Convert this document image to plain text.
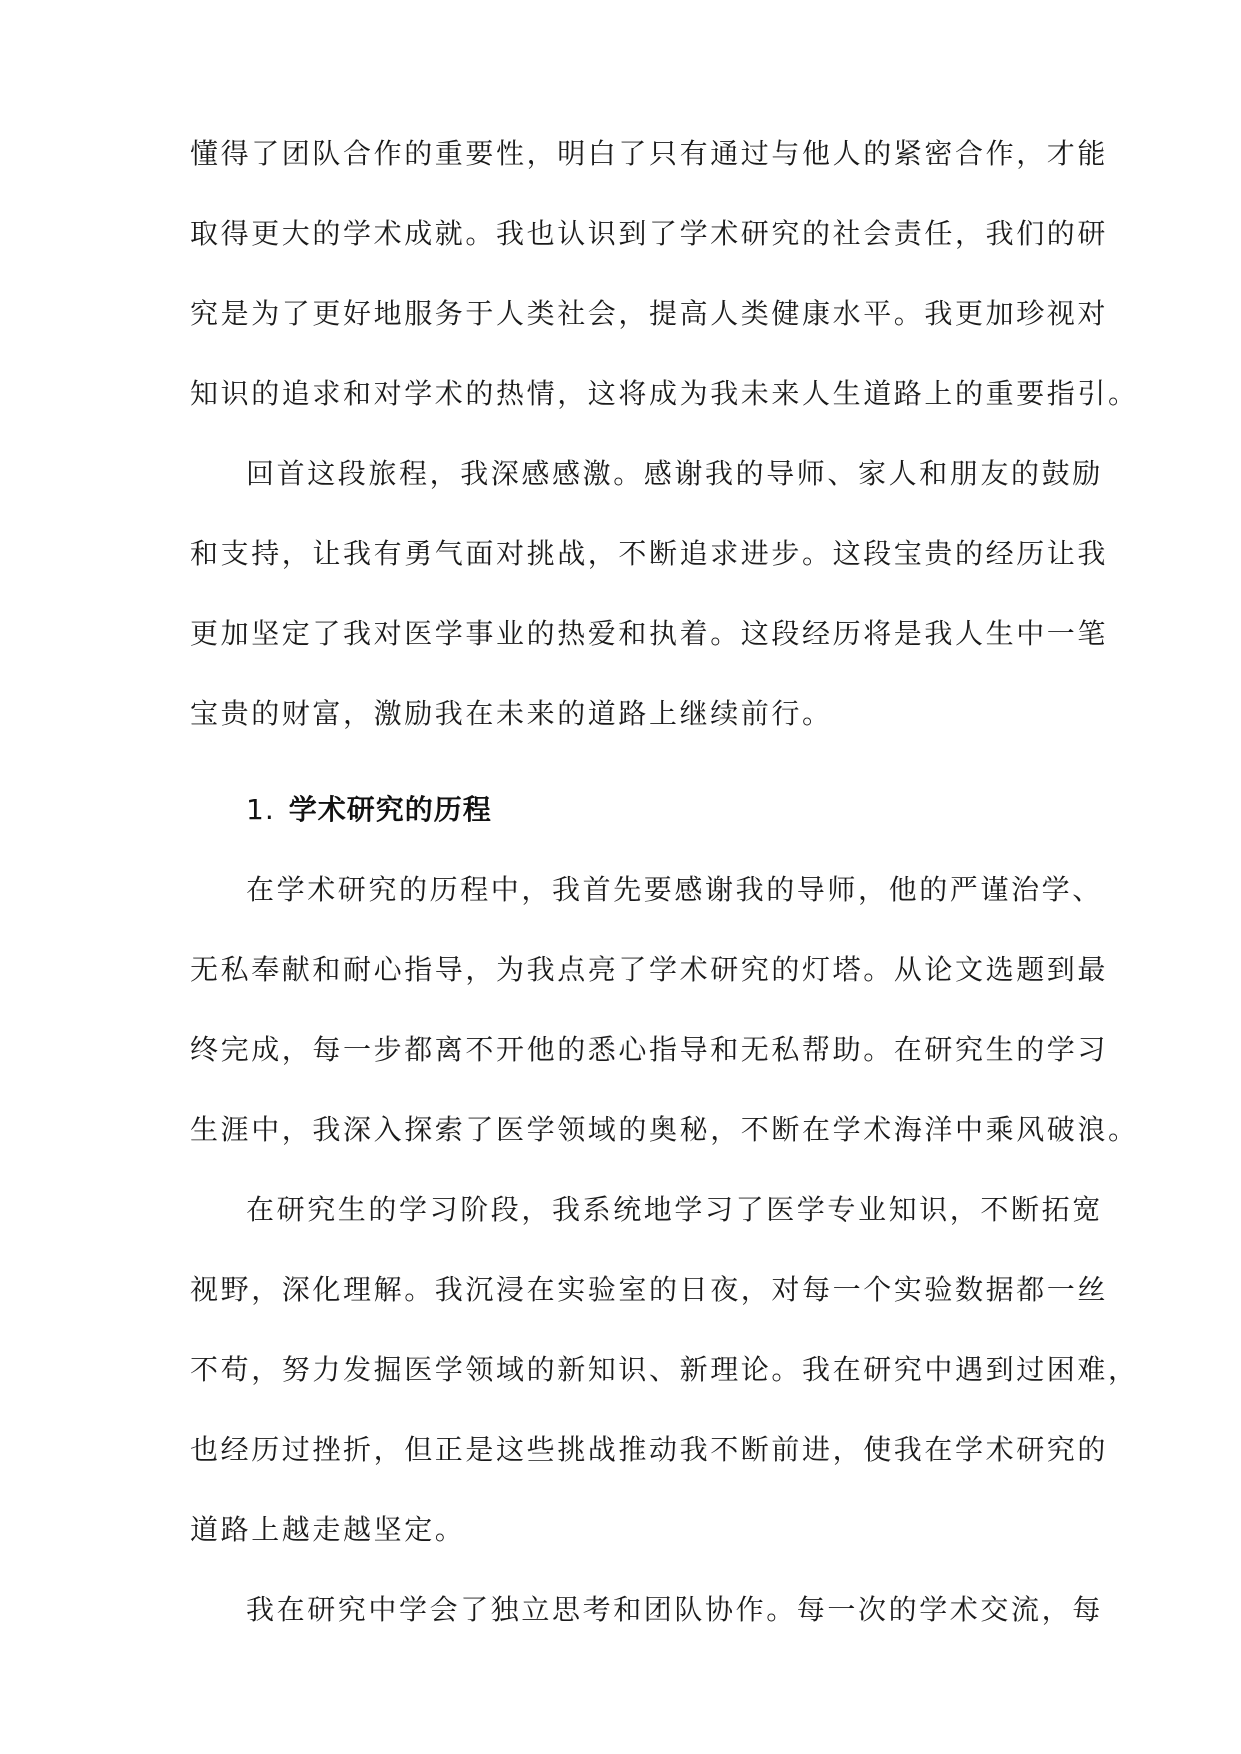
懂得了团队合作的重要性，明白了只有通过与他人的紧密合作，才能
取得更大的学术成就。我也认识到了学术研究的社会责任，我们的研
究是为了更好地服务于人类社会，提高人类健康水平。我更加珍视对
知识的追求和对学术的热情，这将成为我未来人生道路上的重要指引。
回首这段旅程，我深感感激。感谢我的导师、家人和朋友的鼓励
和支持，让我有勇气面对挑战，不断追求进步。这段宝贵的经历让我
更加坚定了我对医学事业的热爱和执着。这段经历将是我人生中一笔
宝贵的财富，激励我在未来的道路上继续前行。
1. 学术研究的历程
在学术研究的历程中，我首先要感谢我的导师，他的严谨治学、
无私奉献和耐心指导，为我点亮了学术研究的灯塔。从论文选题到最
终完成，每一步都离不开他的悉心指导和无私帮助。在研究生的学习
生涯中，我深入探索了医学领域的奥秘，不断在学术海洋中乘风破浪。
在研究生的学习阶段，我系统地学习了医学专业知识，不断拓宽
视野，深化理解。我沉浸在实验室的日夜，对每一个实验数据都一丝
不苟，努力发掘医学领域的新知识、新理论。我在研究中遇到过困难，
也经历过挫折，但正是这些挑战推动我不断前进，使我在学术研究的
道路上越走越坚定。
我在研究中学会了独立思考和团队协作。每一次的学术交流，每
